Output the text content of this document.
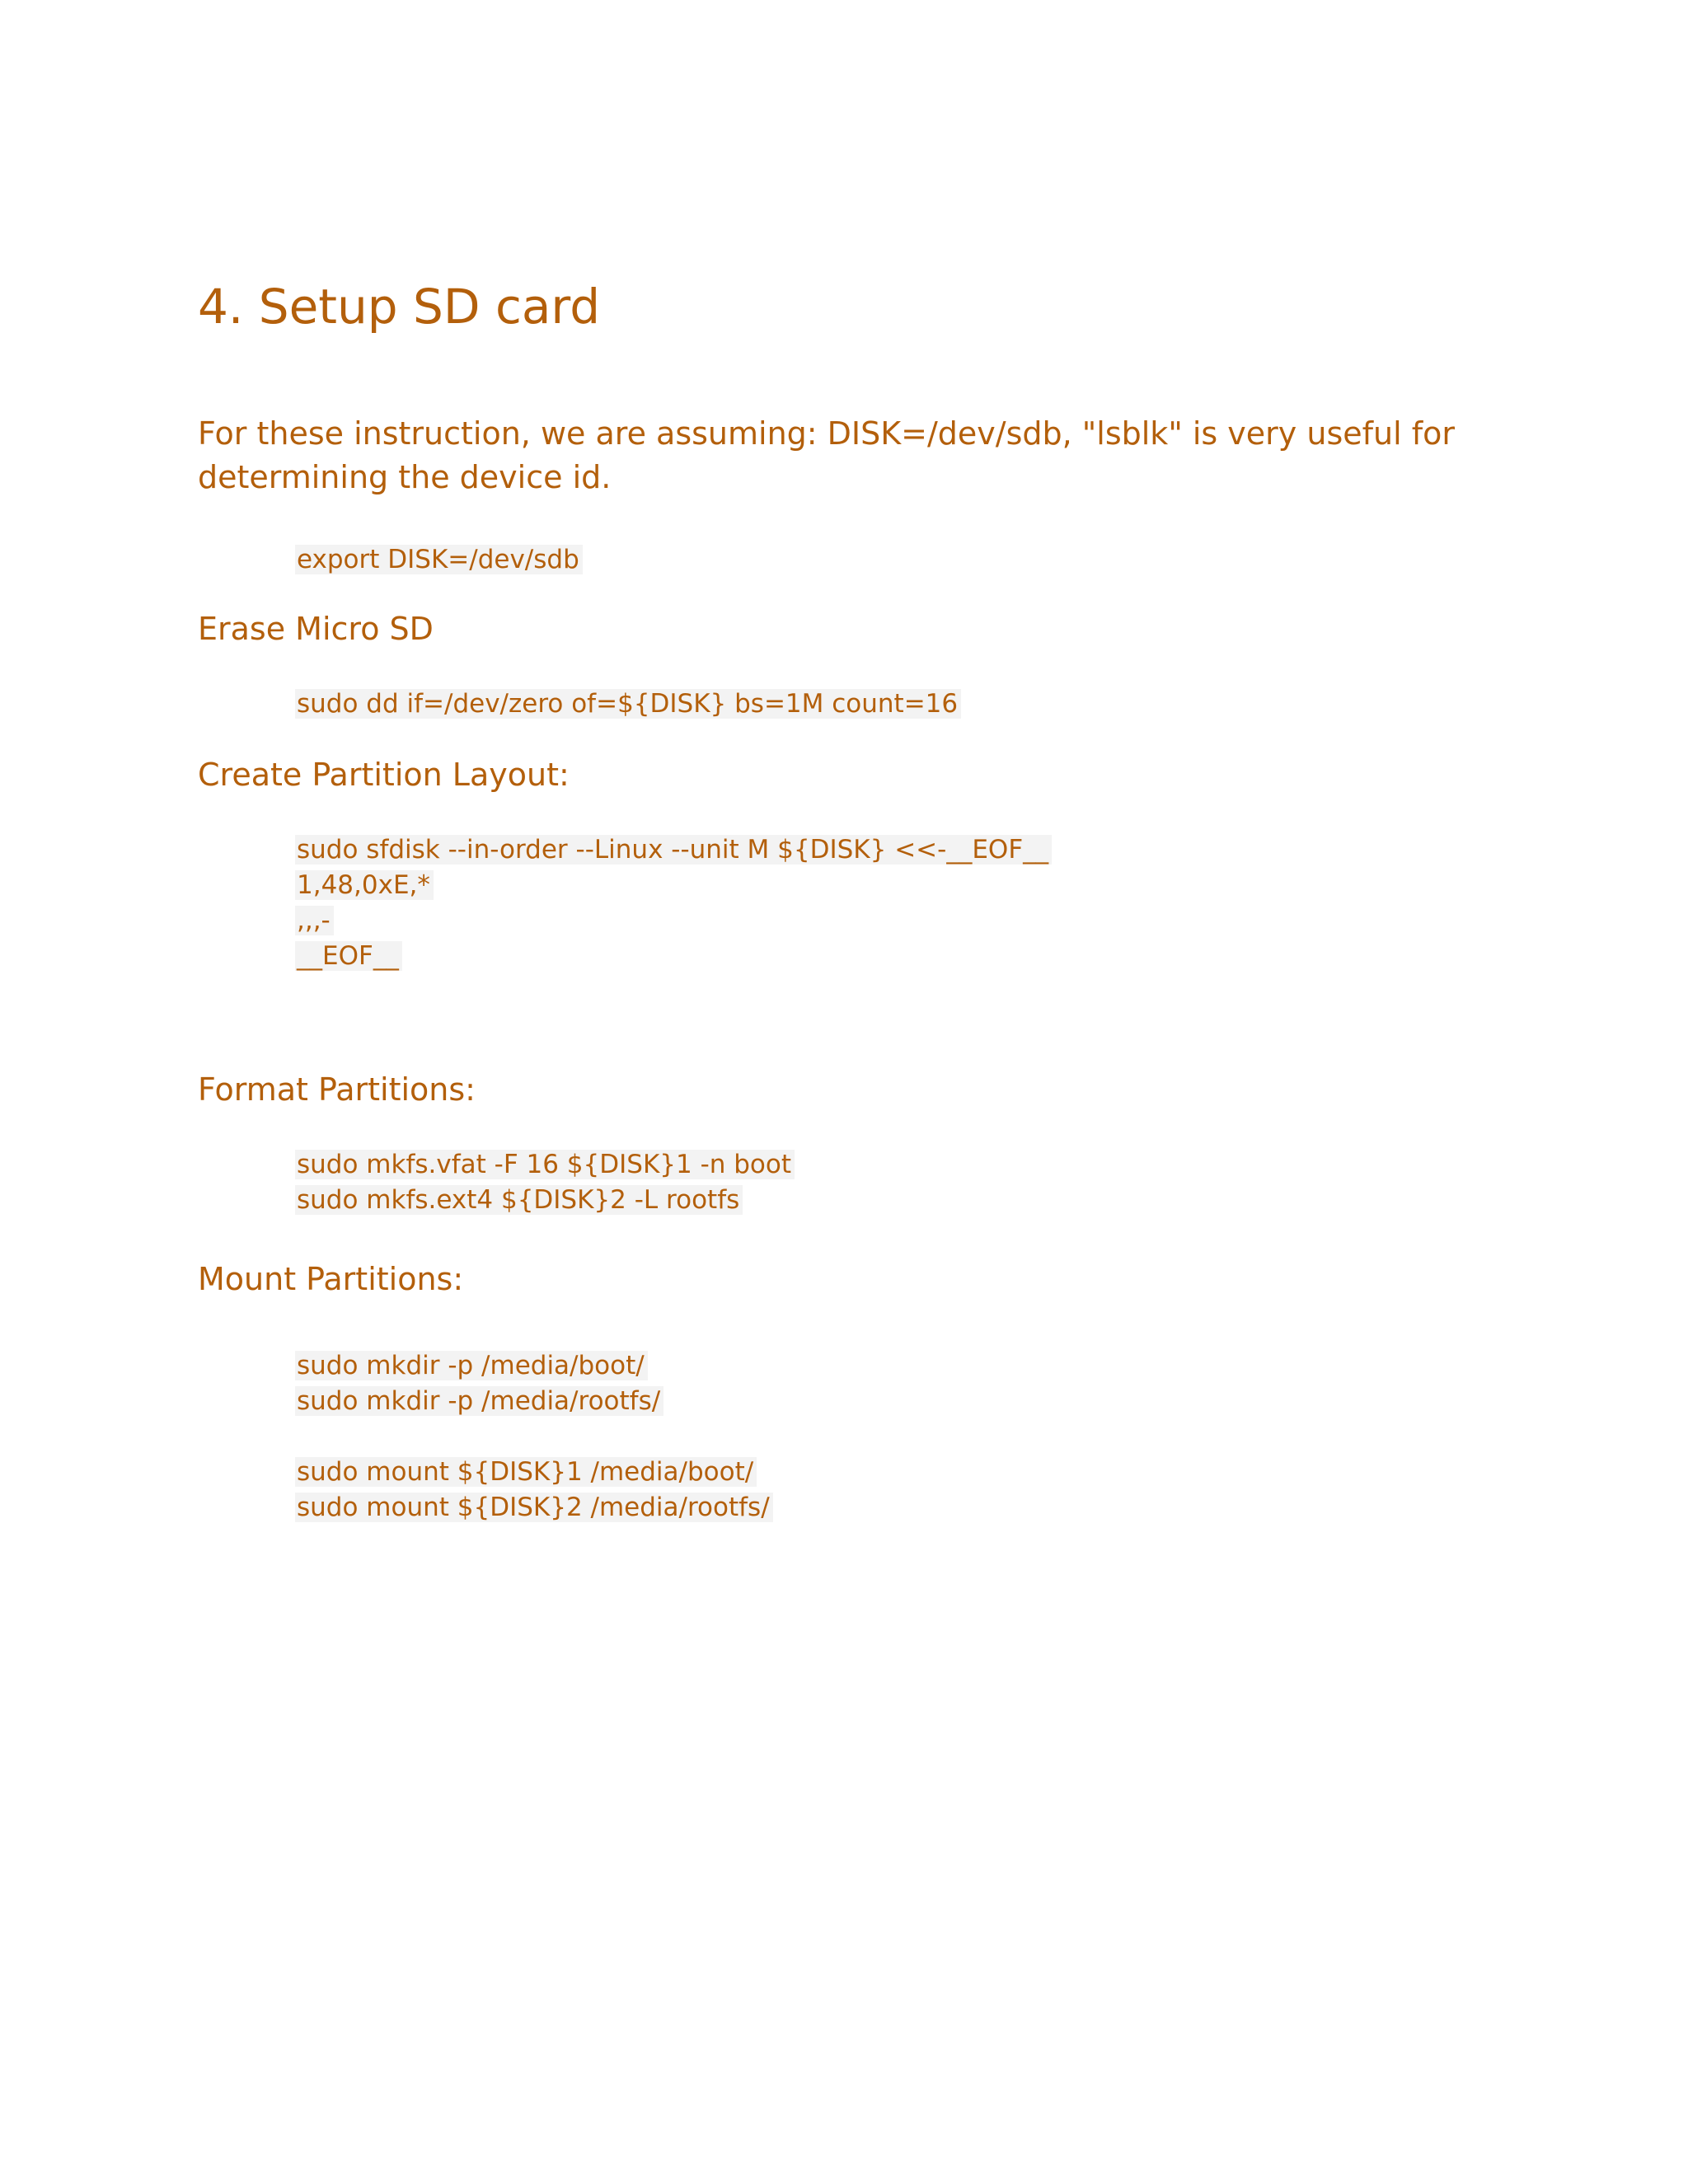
4. Setup SD card

For these instruction, we are assuming: DISK=/dev/sdb, "lsblk" is very useful for determining the device id.

export DISK=/dev/sdb
Erase Micro SD
sudo dd if=/dev/zero of=${DISK} bs=1M count=16
Create Partition Layout:
sudo sfdisk --in-order --Linux --unit M ${DISK} <<-__EOF__
1,48,0xE,*
,,,-
__EOF__
Format Partitions:
sudo mkfs.vfat -F 16 ${DISK}1 -n boot
sudo mkfs.ext4 ${DISK}2 -L rootfs
Mount Partitions:
sudo mkdir -p /media/boot/
sudo mkdir -p /media/rootfs/
sudo mount ${DISK}1 /media/boot/
sudo mount ${DISK}2 /media/rootfs/
